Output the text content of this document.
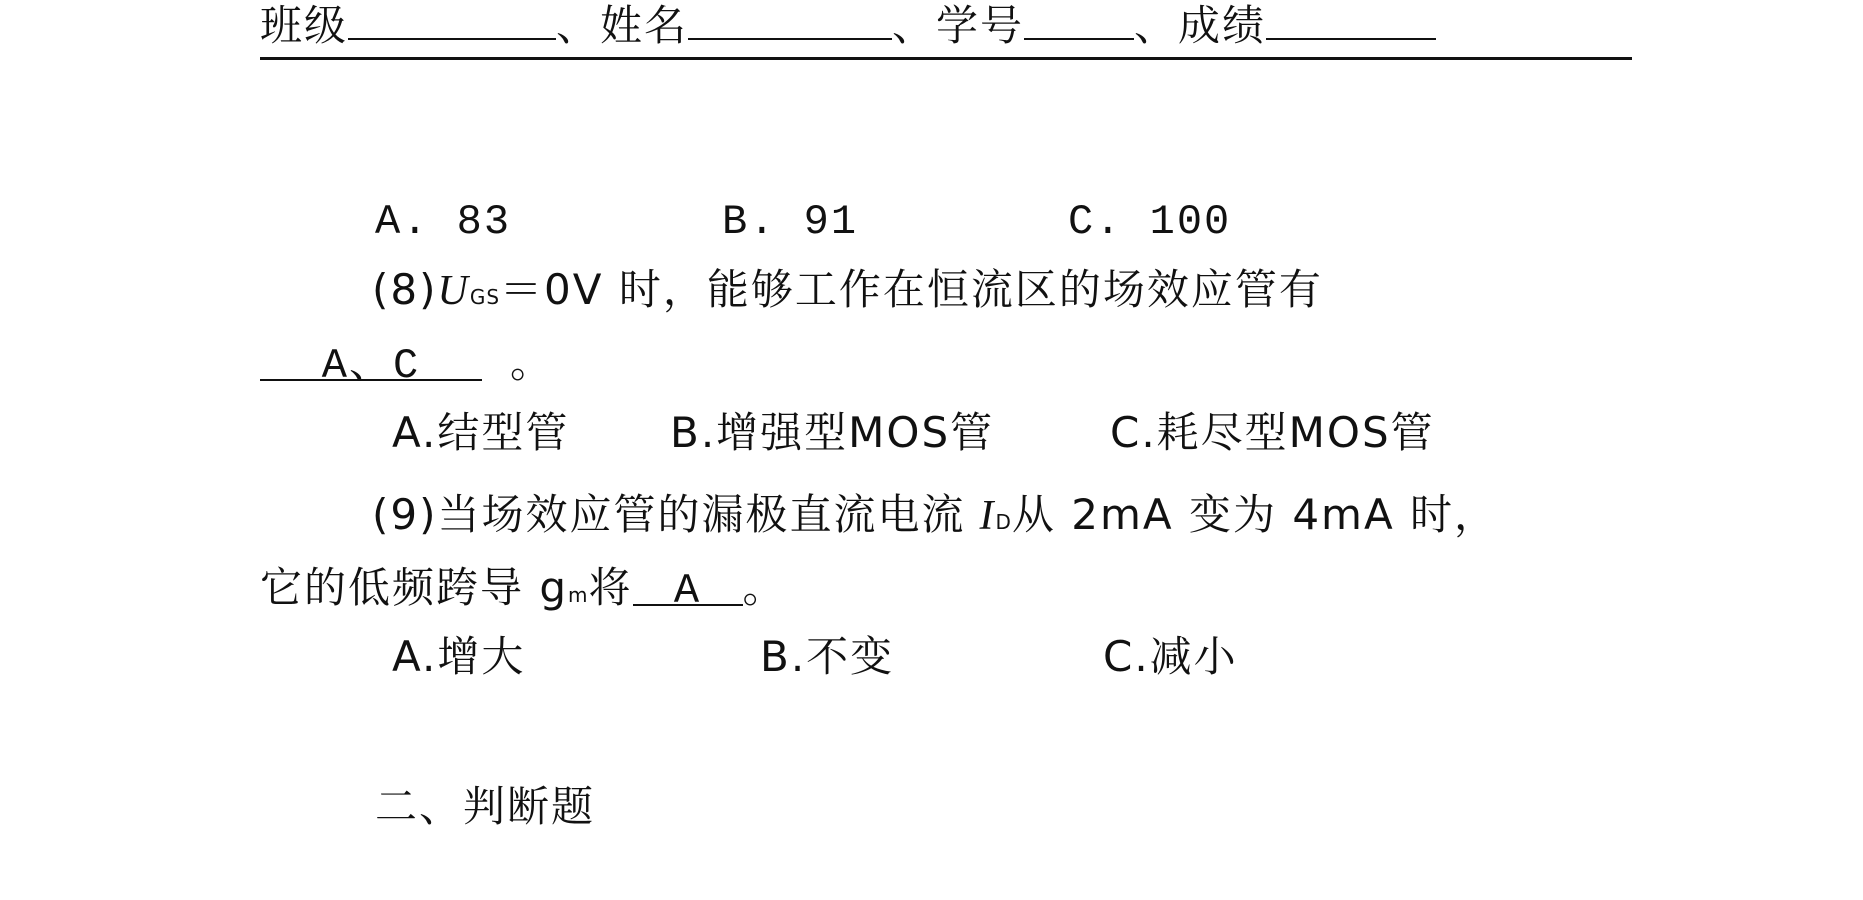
班级	、姓名	、学号	、成绩
A. 83	B. 91	C. 100
(8)UGS＝0V 时，能够工作在恒流区的场效应管有
A、C 。
A.结型管 B.增强型MOS管	C.耗尽型MOS管
(9)当场效应管的漏极直流电流 ID从 2mA 变为 4mA 时，
它的低频跨导 gm将 A 。
A.增大	B.不变	C.减小
二、判断题
